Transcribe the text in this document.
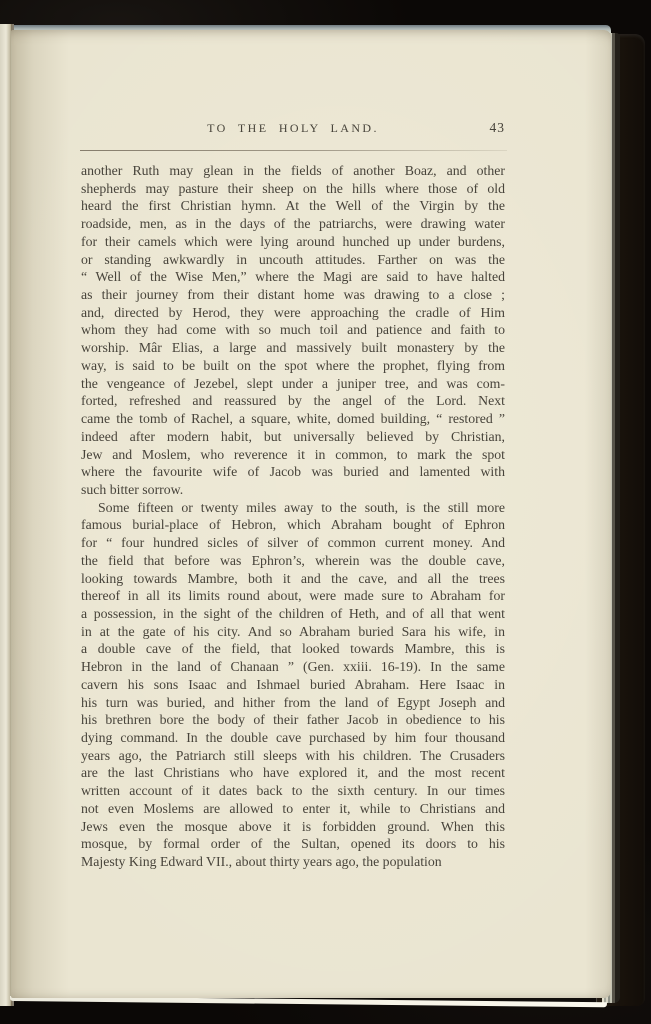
TO THE HOLY LAND.	43
another Ruth may glean in the fields of another Boaz, and other
shepherds may pasture their sheep on the hills where those of old
heard the first Christian hymn. At the Well of the Virgin by the
roadside, men, as in the days of the patriarchs, were drawing water
for their camels which were lying around hunched up under burdens,
or standing awkwardly in uncouth attitudes. Farther on was the
“ Well of the Wise Men,” where the Magi are said to have halted
as their journey from their distant home was drawing to a close ;
and, directed by Herod, they were approaching the cradle of Him
whom they had come with so much toil and patience and faith to
worship. Mâr Elias, a large and massively built monastery by the
way, is said to be built on the spot where the prophet, flying from
the vengeance of Jezebel, slept under a juniper tree, and was com-
forted, refreshed and reassured by the angel of the Lord. Next
came the tomb of Rachel, a square, white, domed building, “ restored ”
indeed after modern habit, but universally believed by Christian,
Jew and Moslem, who reverence it in common, to mark the spot
where the favourite wife of Jacob was buried and lamented with
such bitter sorrow.
Some fifteen or twenty miles away to the south, is the still more
famous burial-place of Hebron, which Abraham bought of Ephron
for “ four hundred sicles of silver of common current money. And
the field that before was Ephron’s, wherein was the double cave,
looking towards Mambre, both it and the cave, and all the trees
thereof in all its limits round about, were made sure to Abraham for
a possession, in the sight of the children of Heth, and of all that went
in at the gate of his city. And so Abraham buried Sara his wife, in
a double cave of the field, that looked towards Mambre, this is
Hebron in the land of Chanaan ” (Gen. xxiii. 16-19). In the same
cavern his sons Isaac and Ishmael buried Abraham. Here Isaac in
his turn was buried, and hither from the land of Egypt Joseph and
his brethren bore the body of their father Jacob in obedience to his
dying command. In the double cave purchased by him four thousand
years ago, the Patriarch still sleeps with his children. The Crusaders
are the last Christians who have explored it, and the most recent
written account of it dates back to the sixth century. In our times
not even Moslems are allowed to enter it, while to Christians and
Jews even the mosque above it is forbidden ground. When this
mosque, by formal order of the Sultan, opened its doors to his
Majesty King Edward VII., about thirty years ago, the population
